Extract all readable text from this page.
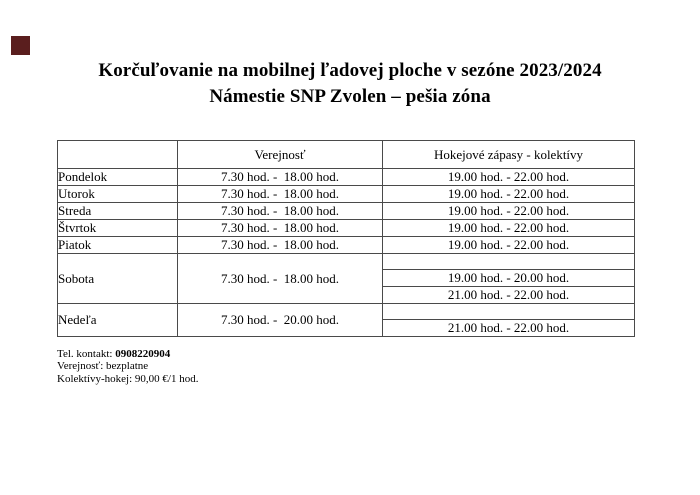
Korčuľovanie na mobilnej ľadovej ploche v sezóne 2023/2024
Námestie SNP Zvolen – pešia zóna
	Verejnosť	Hokejové zápasy - kolektívy
Pondelok	7.30 hod. -  18.00 hod.	19.00 hod. - 22.00 hod.
Utorok	7.30 hod. -  18.00 hod.	19.00 hod. - 22.00 hod.
Streda	7.30 hod. -  18.00 hod.	19.00 hod. - 22.00 hod.
Štvrtok	7.30 hod. -  18.00 hod.	19.00 hod. - 22.00 hod.
Piatok	7.30 hod. -  18.00 hod.	19.00 hod. - 22.00 hod.
Sobota	7.30 hod. -  18.00 hod.	
		19.00 hod. - 20.00 hod.
		21.00 hod. - 22.00 hod.
Nedeľa	7.30 hod. -  20.00 hod.	
		21.00 hod. - 22.00 hod.
Tel. kontakt: 0908220904
Verejnosť: bezplatne
Kolektívy-hokej: 90,00 €/1 hod.
